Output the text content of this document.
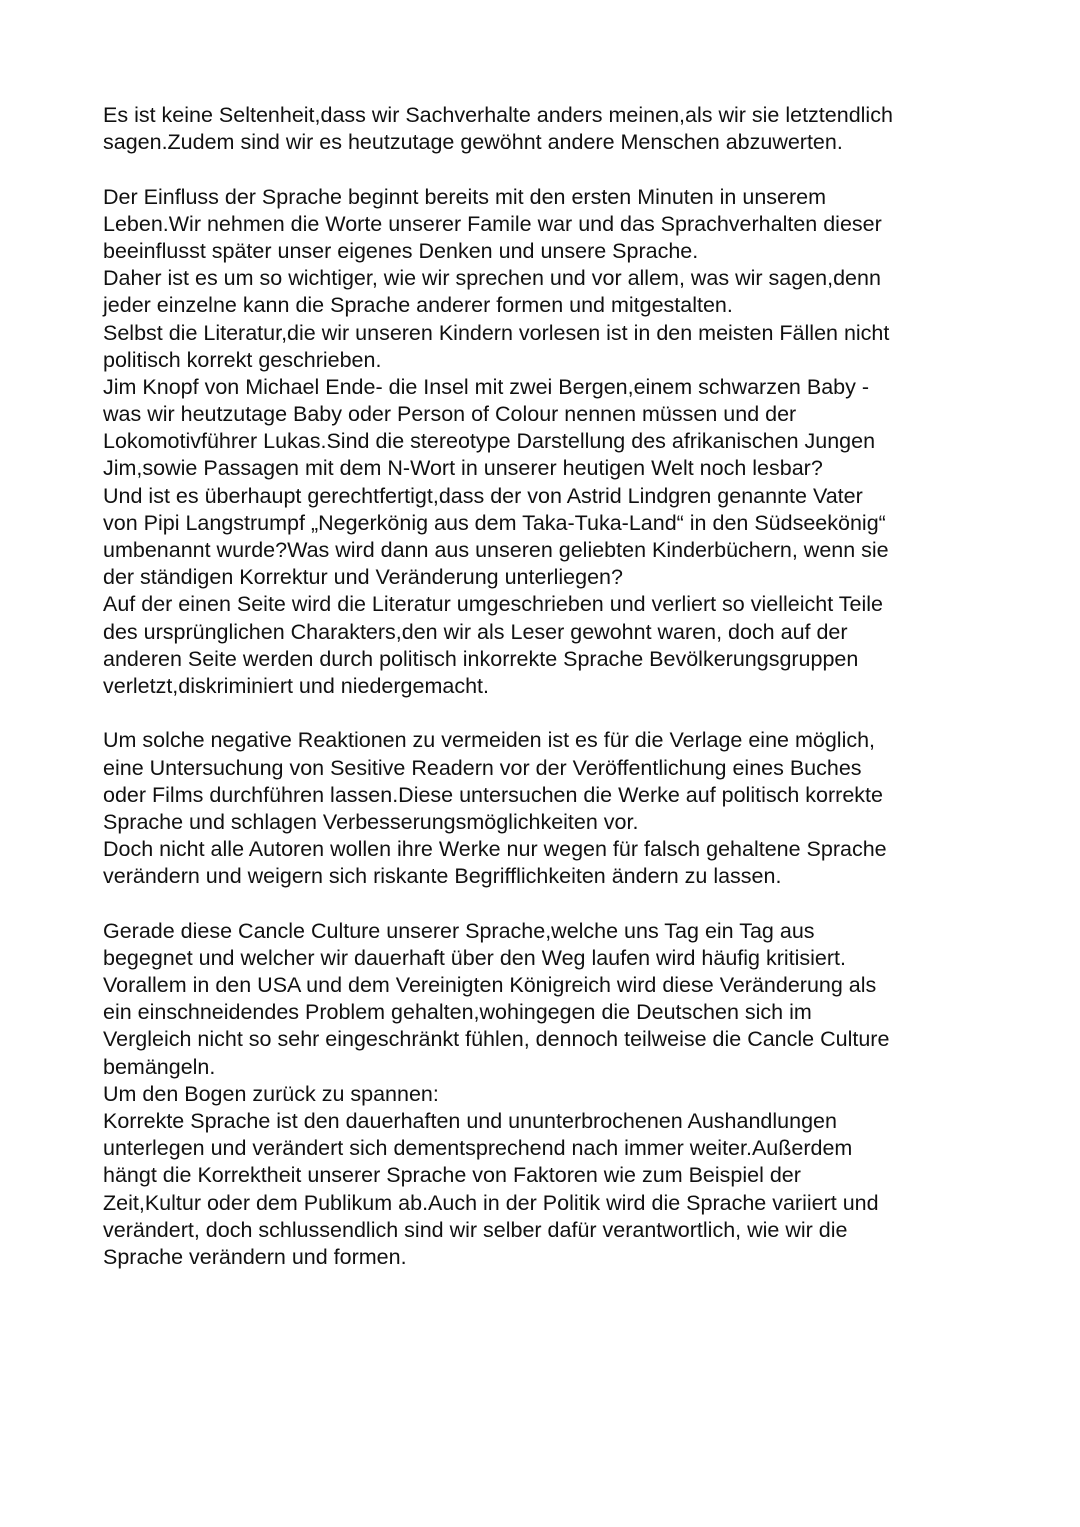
Es ist keine Seltenheit,dass wir Sachverhalte anders meinen,als wir sie letztendlich
sagen.Zudem sind wir es heutzutage gewöhnt andere Menschen abzuwerten.
Der Einfluss der Sprache beginnt bereits mit den ersten Minuten in unserem
Leben.Wir nehmen die Worte unserer Famile war und das Sprachverhalten dieser
beeinflusst später unser eigenes Denken und unsere Sprache.
Daher ist es um so wichtiger, wie wir sprechen und vor allem, was wir sagen,denn
jeder einzelne kann die Sprache anderer formen und mitgestalten.
Selbst die Literatur,die wir unseren Kindern vorlesen ist in den meisten Fällen nicht
politisch korrekt geschrieben.
Jim Knopf von Michael Ende- die Insel mit zwei Bergen,einem schwarzen Baby -
was wir heutzutage Baby oder Person of Colour nennen müssen und der
Lokomotivführer Lukas.Sind die stereotype Darstellung des afrikanischen Jungen
Jim,sowie Passagen mit dem N-Wort in unserer heutigen Welt noch lesbar?
Und ist es überhaupt gerechtfertigt,dass der von Astrid Lindgren genannte Vater
von Pipi Langstrumpf „Negerkönig aus dem Taka-Tuka-Land“ in den Südseekönig“
umbenannt wurde?Was wird dann aus unseren geliebten Kinderbüchern, wenn sie
der ständigen Korrektur und Veränderung unterliegen?
Auf der einen Seite wird die Literatur umgeschrieben und verliert so vielleicht Teile
des ursprünglichen Charakters,den wir als Leser gewohnt waren, doch auf der
anderen Seite werden durch politisch inkorrekte Sprache Bevölkerungsgruppen
verletzt,diskriminiert und niedergemacht.
Um solche negative Reaktionen zu vermeiden ist es für die Verlage eine möglich,
eine Untersuchung von Sesitive Readern vor der Veröffentlichung eines Buches
oder Films durchführen lassen.Diese untersuchen die Werke auf politisch korrekte
Sprache und schlagen Verbesserungsmöglichkeiten vor.
Doch nicht alle Autoren wollen ihre Werke nur wegen für falsch gehaltene Sprache
verändern und weigern sich riskante Begrifflichkeiten ändern zu lassen.
Gerade diese Cancle Culture unserer Sprache,welche uns Tag ein Tag aus
begegnet und welcher wir dauerhaft über den Weg laufen wird häufig kritisiert.
Vorallem in den USA und dem Vereinigten Königreich wird diese Veränderung als
ein einschneidendes Problem gehalten,wohingegen die Deutschen sich im
Vergleich nicht so sehr eingeschränkt fühlen, dennoch teilweise die Cancle Culture
bemängeln.
Um den Bogen zurück zu spannen:
Korrekte Sprache ist den dauerhaften und ununterbrochenen Aushandlungen
unterlegen und verändert sich dementsprechend nach immer weiter.Außerdem
hängt die Korrektheit unserer Sprache von Faktoren wie zum Beispiel der
Zeit,Kultur oder dem Publikum ab.Auch in der Politik wird die Sprache variiert und
verändert, doch schlussendlich sind wir selber dafür verantwortlich, wie wir die
Sprache verändern und formen.
